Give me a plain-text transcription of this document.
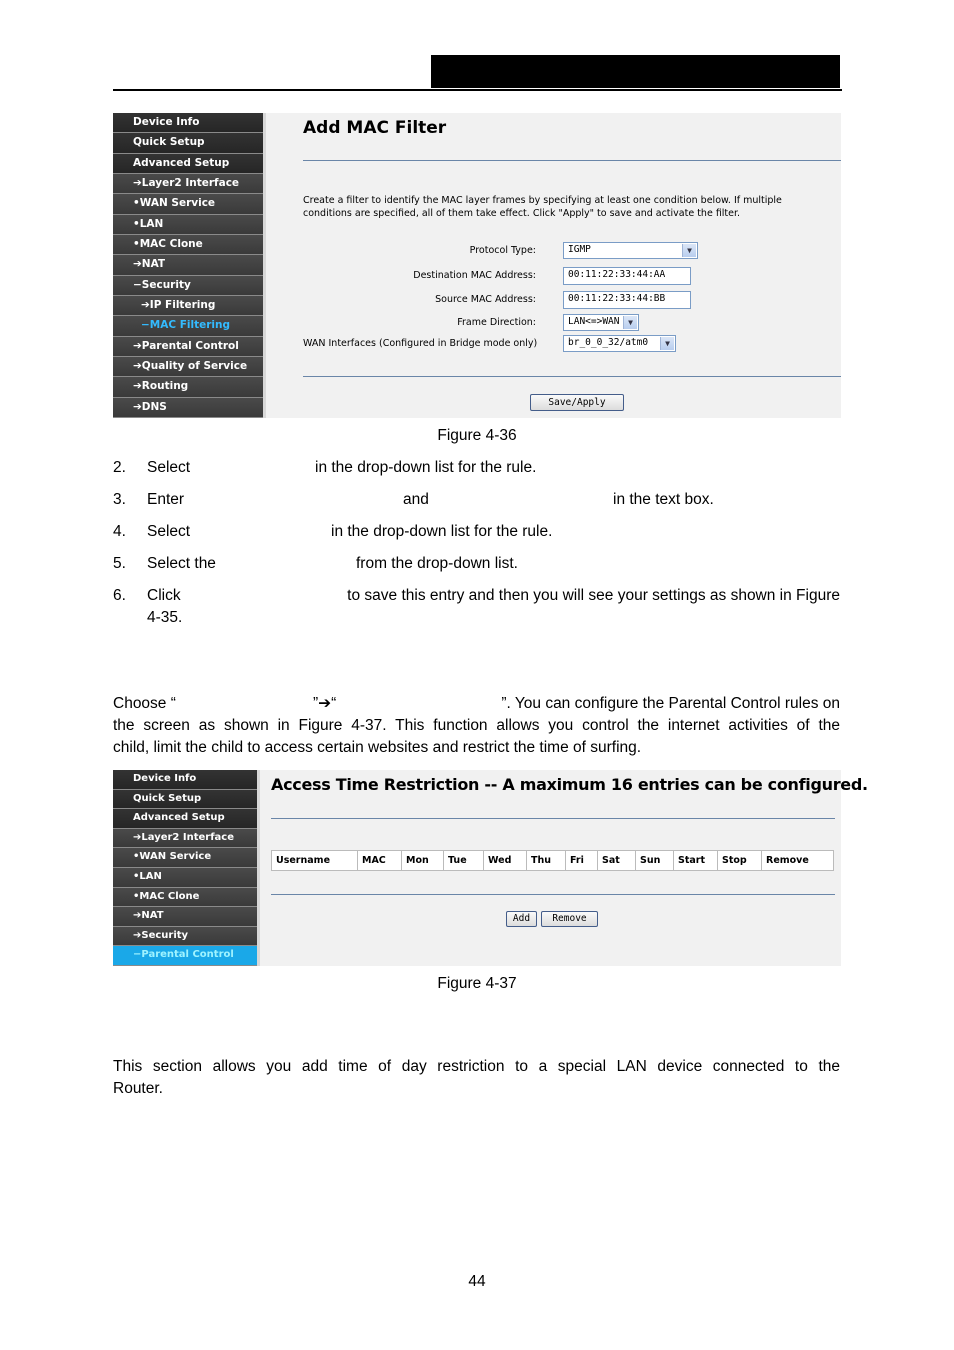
Device Info
Quick Setup
Advanced Setup
➔Layer2 Interface
•WAN Service
•LAN
•MAC Clone
➔NAT
−Security
➔IP Filtering
−MAC Filtering
➔Parental Control
➔Quality of Service
➔Routing
➔DNS
Add MAC Filter
Create a filter to identify the MAC layer frames by specifying at least one condition below. If multiple conditions are specified, all of them take effect. Click "Apply" to save and activate the filter.
Protocol Type:	IGMP	▼
Destination MAC Address:	00:11:22:33:44:AA
Source MAC Address:	00:11:22:33:44:BB
Frame Direction:	LAN<=>WAN	▼
WAN Interfaces (Configured in Bridge mode only)	br_0_0_32/atm0	▼
Save/Apply
Figure 4-36
2. Select	in the drop-down list for the rule.
3. Enter	and	in the text box.
4. Select	in the drop-down list for the rule.
5. Select the	from the drop-down list.
6. Click	to save this entry and then you will see your settings as shown in Figure
4-35.
Choose “	”➔“	”. You can configure the Parental Control rules on
the screen as shown in Figure 4-37. This function allows you control the internet activities of the
child, limit the child to access certain websites and restrict the time of surfing.
Device Info
Quick Setup
Advanced Setup
➔Layer2 Interface
•WAN Service
•LAN
•MAC Clone
➔NAT
➔Security
−Parental Control
Access Time Restriction -- A maximum 16 entries can be configured.
Username	MAC	Mon	Tue	Wed	Thu	Fri	Sat	Sun	Start	Stop	Remove
Add	Remove
Figure 4-37
This section allows you add time of day restriction to a special LAN device connected to the
Router.
44
